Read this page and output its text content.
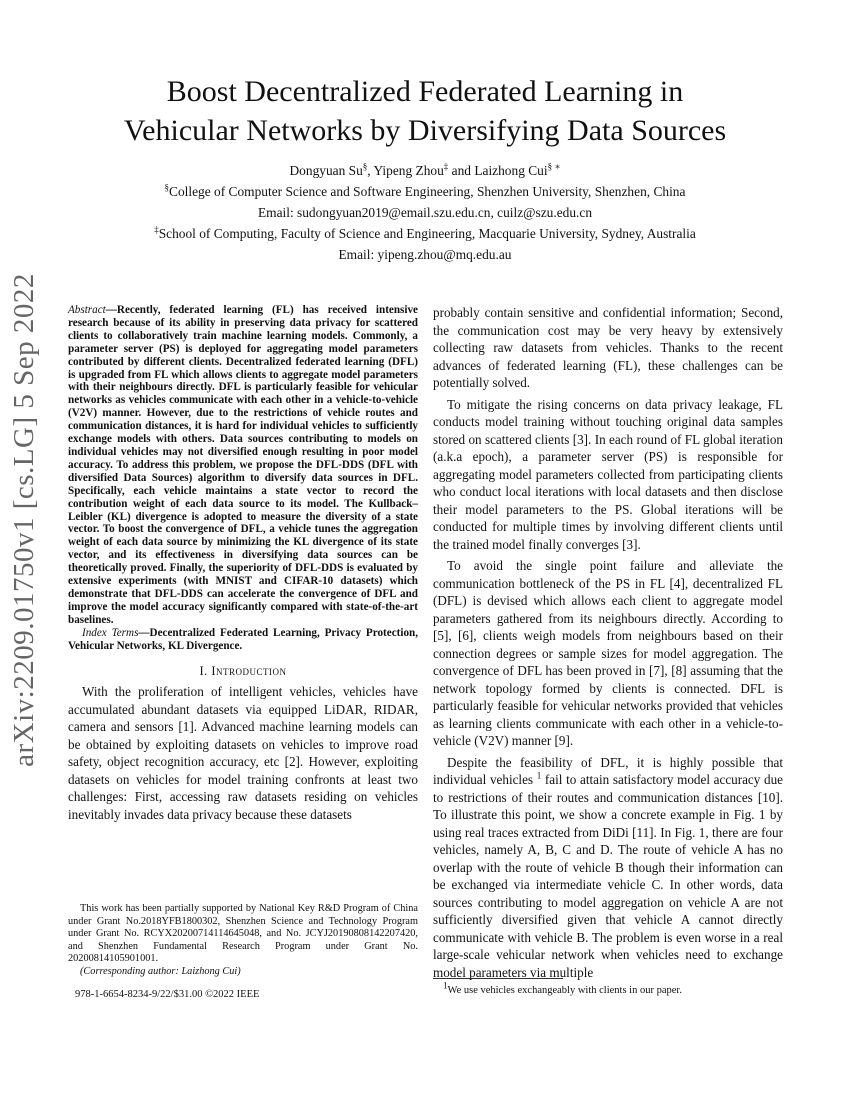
arXiv:2209.01750v1 [cs.LG] 5 Sep 2022
Boost Decentralized Federated Learning in
Vehicular Networks by Diversifying Data Sources
Dongyuan Su§, Yipeng Zhou‡ and Laizhong Cui§ ∗
§College of Computer Science and Software Engineering, Shenzhen University, Shenzhen, China
Email: sudongyuan2019@email.szu.edu.cn, cuilz@szu.edu.cn
‡School of Computing, Faculty of Science and Engineering, Macquarie University, Sydney, Australia
Email: yipeng.zhou@mq.edu.au
Abstract—Recently, federated learning (FL) has received intensive research because of its ability in preserving data privacy for scattered clients to collaboratively train machine learning models. Commonly, a parameter server (PS) is deployed for aggregating model parameters contributed by different clients. Decentralized federated learning (DFL) is upgraded from FL which allows clients to aggregate model parameters with their neighbours directly. DFL is particularly feasible for vehicular networks as vehicles communicate with each other in a vehicle-to-vehicle (V2V) manner. However, due to the restrictions of vehicle routes and communication distances, it is hard for individual vehicles to sufficiently exchange models with others. Data sources contributing to models on individual vehicles may not diversified enough resulting in poor model accuracy. To address this problem, we propose the DFL-DDS (DFL with diversified Data Sources) algorithm to diversify data sources in DFL. Specifically, each vehicle maintains a state vector to record the contribution weight of each data source to its model. The Kullback–Leibler (KL) divergence is adopted to measure the diversity of a state vector. To boost the convergence of DFL, a vehicle tunes the aggregation weight of each data source by minimizing the KL divergence of its state vector, and its effectiveness in diversifying data sources can be theoretically proved. Finally, the superiority of DFL-DDS is evaluated by extensive experiments (with MNIST and CIFAR-10 datasets) which demonstrate that DFL-DDS can accelerate the convergence of DFL and improve the model accuracy significantly compared with state-of-the-art baselines.
Index Terms—Decentralized Federated Learning, Privacy Protection, Vehicular Networks, KL Divergence.
I. Introduction

With the proliferation of intelligent vehicles, vehicles have accumulated abundant datasets via equipped LiDAR, RIDAR, camera and sensors [1]. Advanced machine learning models can be obtained by exploiting datasets on vehicles to improve road safety, object recognition accuracy, etc [2]. However, exploiting datasets on vehicles for model training confronts at least two challenges: First, accessing raw datasets residing on vehicles inevitably invades data privacy because these datasets

probably contain sensitive and confidential information; Second, the communication cost may be very heavy by extensively collecting raw datasets from vehicles. Thanks to the recent advances of federated learning (FL), these challenges can be potentially solved.

To mitigate the rising concerns on data privacy leakage, FL conducts model training without touching original data samples stored on scattered clients [3]. In each round of FL global iteration (a.k.a epoch), a parameter server (PS) is responsible for aggregating model parameters collected from participating clients who conduct local iterations with local datasets and then disclose their model parameters to the PS. Global iterations will be conducted for multiple times by involving different clients until the trained model finally converges [3].

To avoid the single point failure and alleviate the communication bottleneck of the PS in FL [4], decentralized FL (DFL) is devised which allows each client to aggregate model parameters gathered from its neighbours directly. According to [5], [6], clients weigh models from neighbours based on their connection degrees or sample sizes for model aggregation. The convergence of DFL has been proved in [7], [8] assuming that the network topology formed by clients is connected. DFL is particularly feasible for vehicular networks provided that vehicles as learning clients communicate with each other in a vehicle-to-vehicle (V2V) manner [9].

Despite the feasibility of DFL, it is highly possible that individual vehicles $^1$ fail to attain satisfactory model accuracy due to restrictions of their routes and communication distances [10]. To illustrate this point, we show a concrete example in Fig. 1 by using real traces extracted from DiDi [11]. In Fig. 1, there are four vehicles, namely A, B, C and D. The route of vehicle A has no overlap with the route of vehicle B though their information can be exchanged via intermediate vehicle C. In other words, data sources contributing to model aggregation on vehicle A are not sufficiently diversified given that vehicle A cannot directly communicate with vehicle B. The problem is even worse in a real large-scale vehicular network when vehicles need to exchange model parameters via multiple

This work has been partially supported by National Key R&D Program of China under Grant No.2018YFB1800302, Shenzhen Science and Technology Program under Grant No. RCYX20200714114645048, and No. JCYJ20190808142207420, and Shenzhen Fundamental Research Program under Grant No. 20200814105901001.

(Corresponding author: Laizhong Cui)

978-1-6654-8234-9/22/$31.00 ©2022 IEEE
$^1$We use vehicles exchangeably with clients in our paper.
